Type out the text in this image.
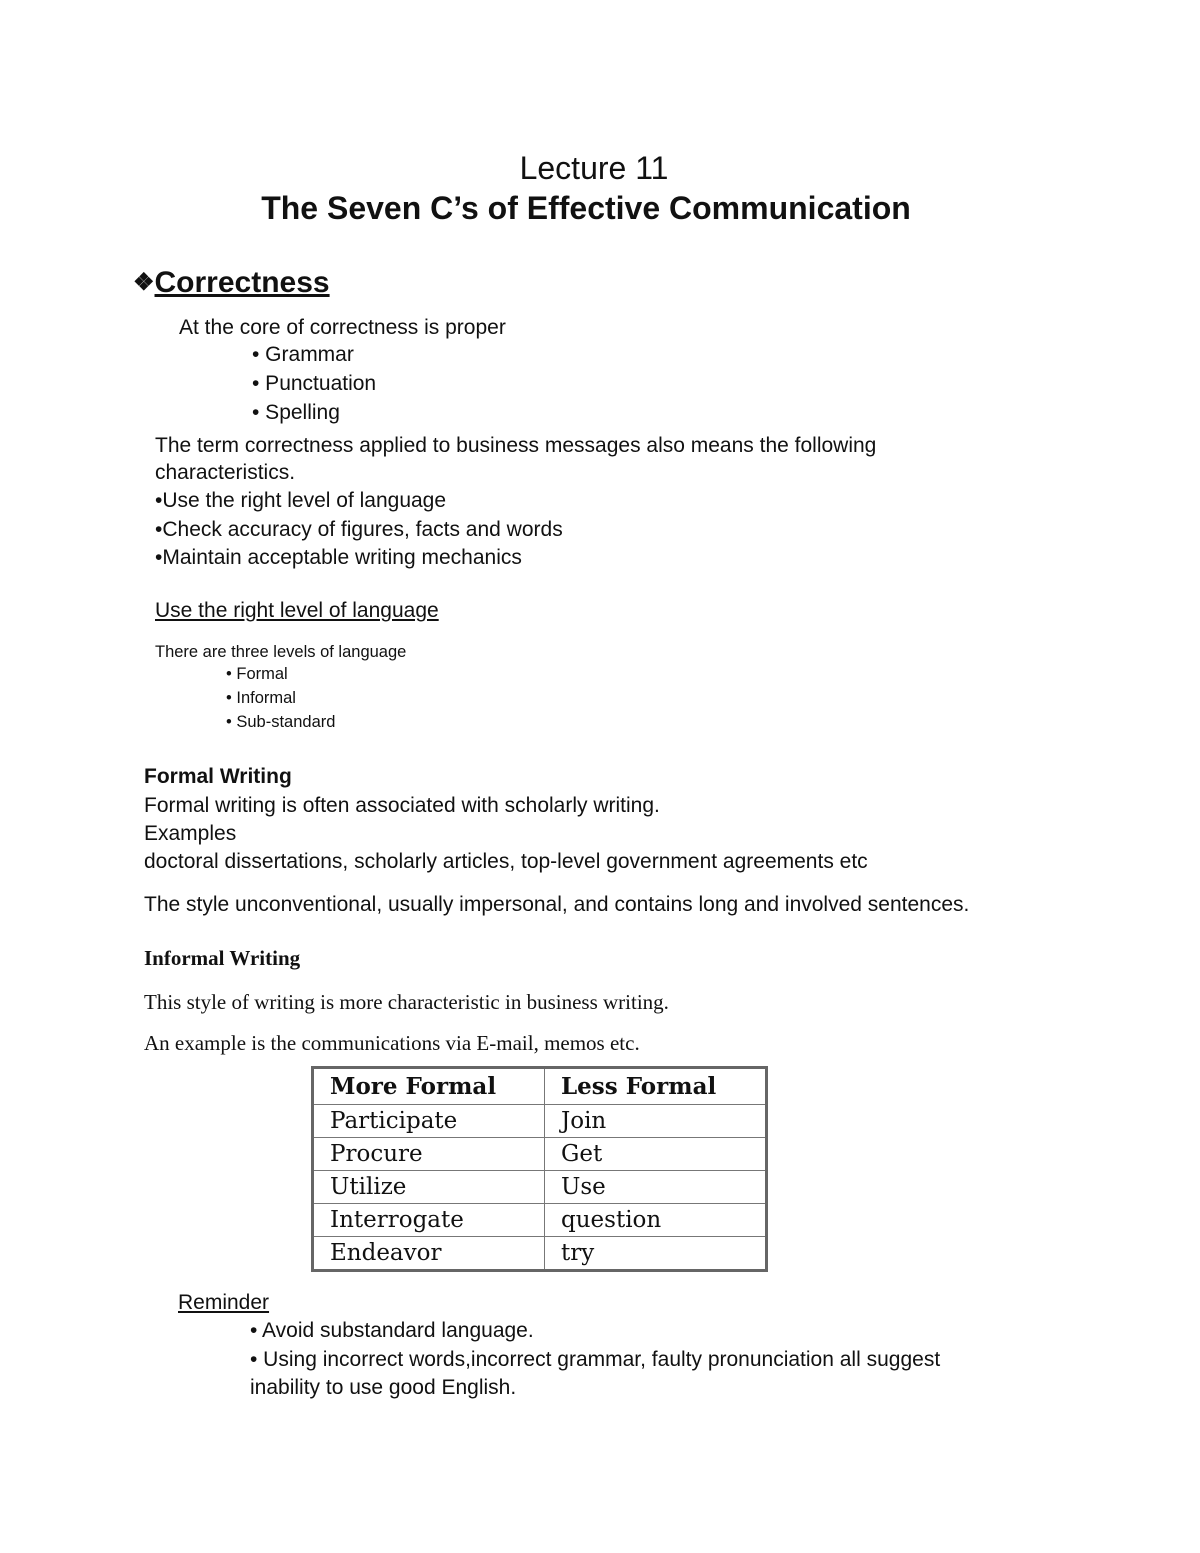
Lecture 11
The Seven C’s of Effective Communication
❖Correctness
At the core of correctness is proper
• Grammar
• Punctuation
• Spelling
The term correctness applied to business messages also means the following
characteristics.
•Use the right level of language
•Check accuracy of figures, facts and words
•Maintain acceptable writing mechanics
Use the right level of language
There are three levels of language
• Formal
• Informal
• Sub-standard
Formal Writing
Formal writing is often associated with scholarly writing.
Examples
doctoral dissertations, scholarly articles, top-level government agreements etc
The style unconventional, usually impersonal, and contains long and involved sentences.
Informal Writing
This style of writing is more characteristic in business writing.
An example is the communications via E-mail, memos etc.
More Formal	Less Formal
Participate	Join
Procure	Get
Utilize	Use
Interrogate	question
Endeavor	try
Reminder
• Avoid substandard language.
• Using incorrect words,incorrect grammar, faulty pronunciation all suggest
inability to use good English.
